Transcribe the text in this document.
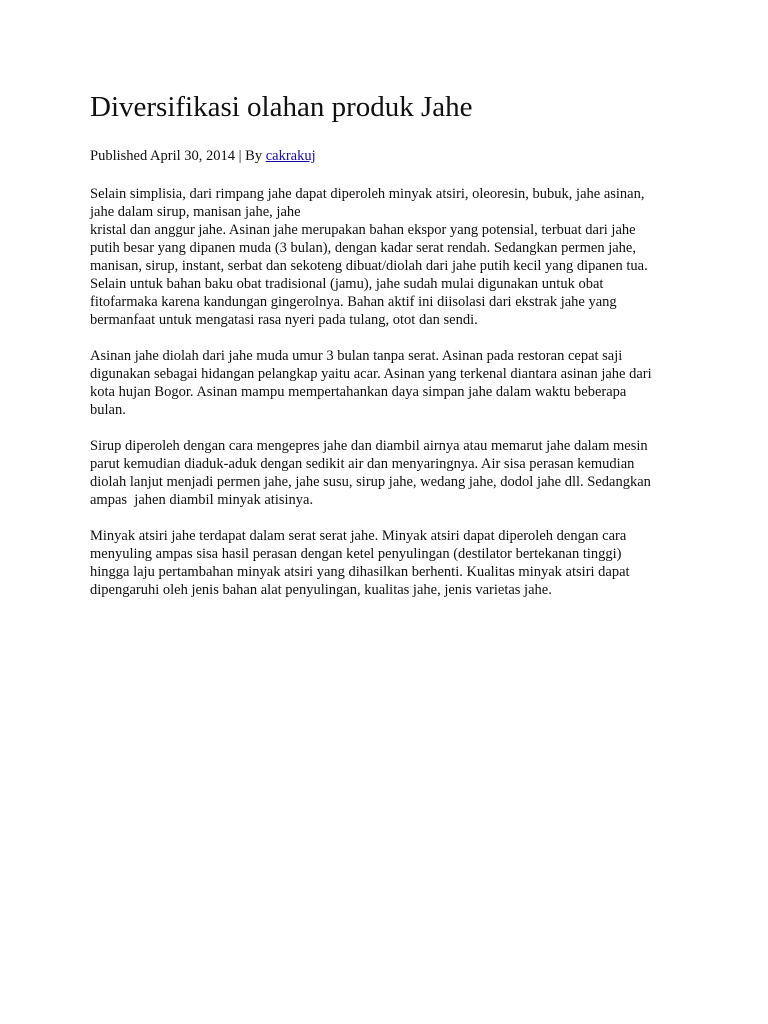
Diversifikasi olahan produk Jahe
Published April 30, 2014 | By cakrakuj
Selain simplisia, dari rimpang jahe dapat diperoleh minyak atsiri, oleoresin, bubuk, jahe asinan,
jahe dalam sirup, manisan jahe, jahe
kristal dan anggur jahe. Asinan jahe merupakan bahan ekspor yang potensial, terbuat dari jahe
putih besar yang dipanen muda (3 bulan), dengan kadar serat rendah. Sedangkan permen jahe,
manisan, sirup, instant, serbat dan sekoteng dibuat/diolah dari jahe putih kecil yang dipanen tua.
Selain untuk bahan baku obat tradisional (jamu), jahe sudah mulai digunakan untuk obat
fitofarmaka karena kandungan gingerolnya. Bahan aktif ini diisolasi dari ekstrak jahe yang
bermanfaat untuk mengatasi rasa nyeri pada tulang, otot dan sendi.
Asinan jahe diolah dari jahe muda umur 3 bulan tanpa serat. Asinan pada restoran cepat saji
digunakan sebagai hidangan pelangkap yaitu acar. Asinan yang terkenal diantara asinan jahe dari
kota hujan Bogor. Asinan mampu mempertahankan daya simpan jahe dalam waktu beberapa
bulan.
Sirup diperoleh dengan cara mengepres jahe dan diambil airnya atau memarut jahe dalam mesin
parut kemudian diaduk-aduk dengan sedikit air dan menyaringnya. Air sisa perasan kemudian
diolah lanjut menjadi permen jahe, jahe susu, sirup jahe, wedang jahe, dodol jahe dll. Sedangkan
ampas  jahen diambil minyak atisinya.
Minyak atsiri jahe terdapat dalam serat serat jahe. Minyak atsiri dapat diperoleh dengan cara
menyuling ampas sisa hasil perasan dengan ketel penyulingan (destilator bertekanan tinggi)
hingga laju pertambahan minyak atsiri yang dihasilkan berhenti. Kualitas minyak atsiri dapat
dipengaruhi oleh jenis bahan alat penyulingan, kualitas jahe, jenis varietas jahe.
